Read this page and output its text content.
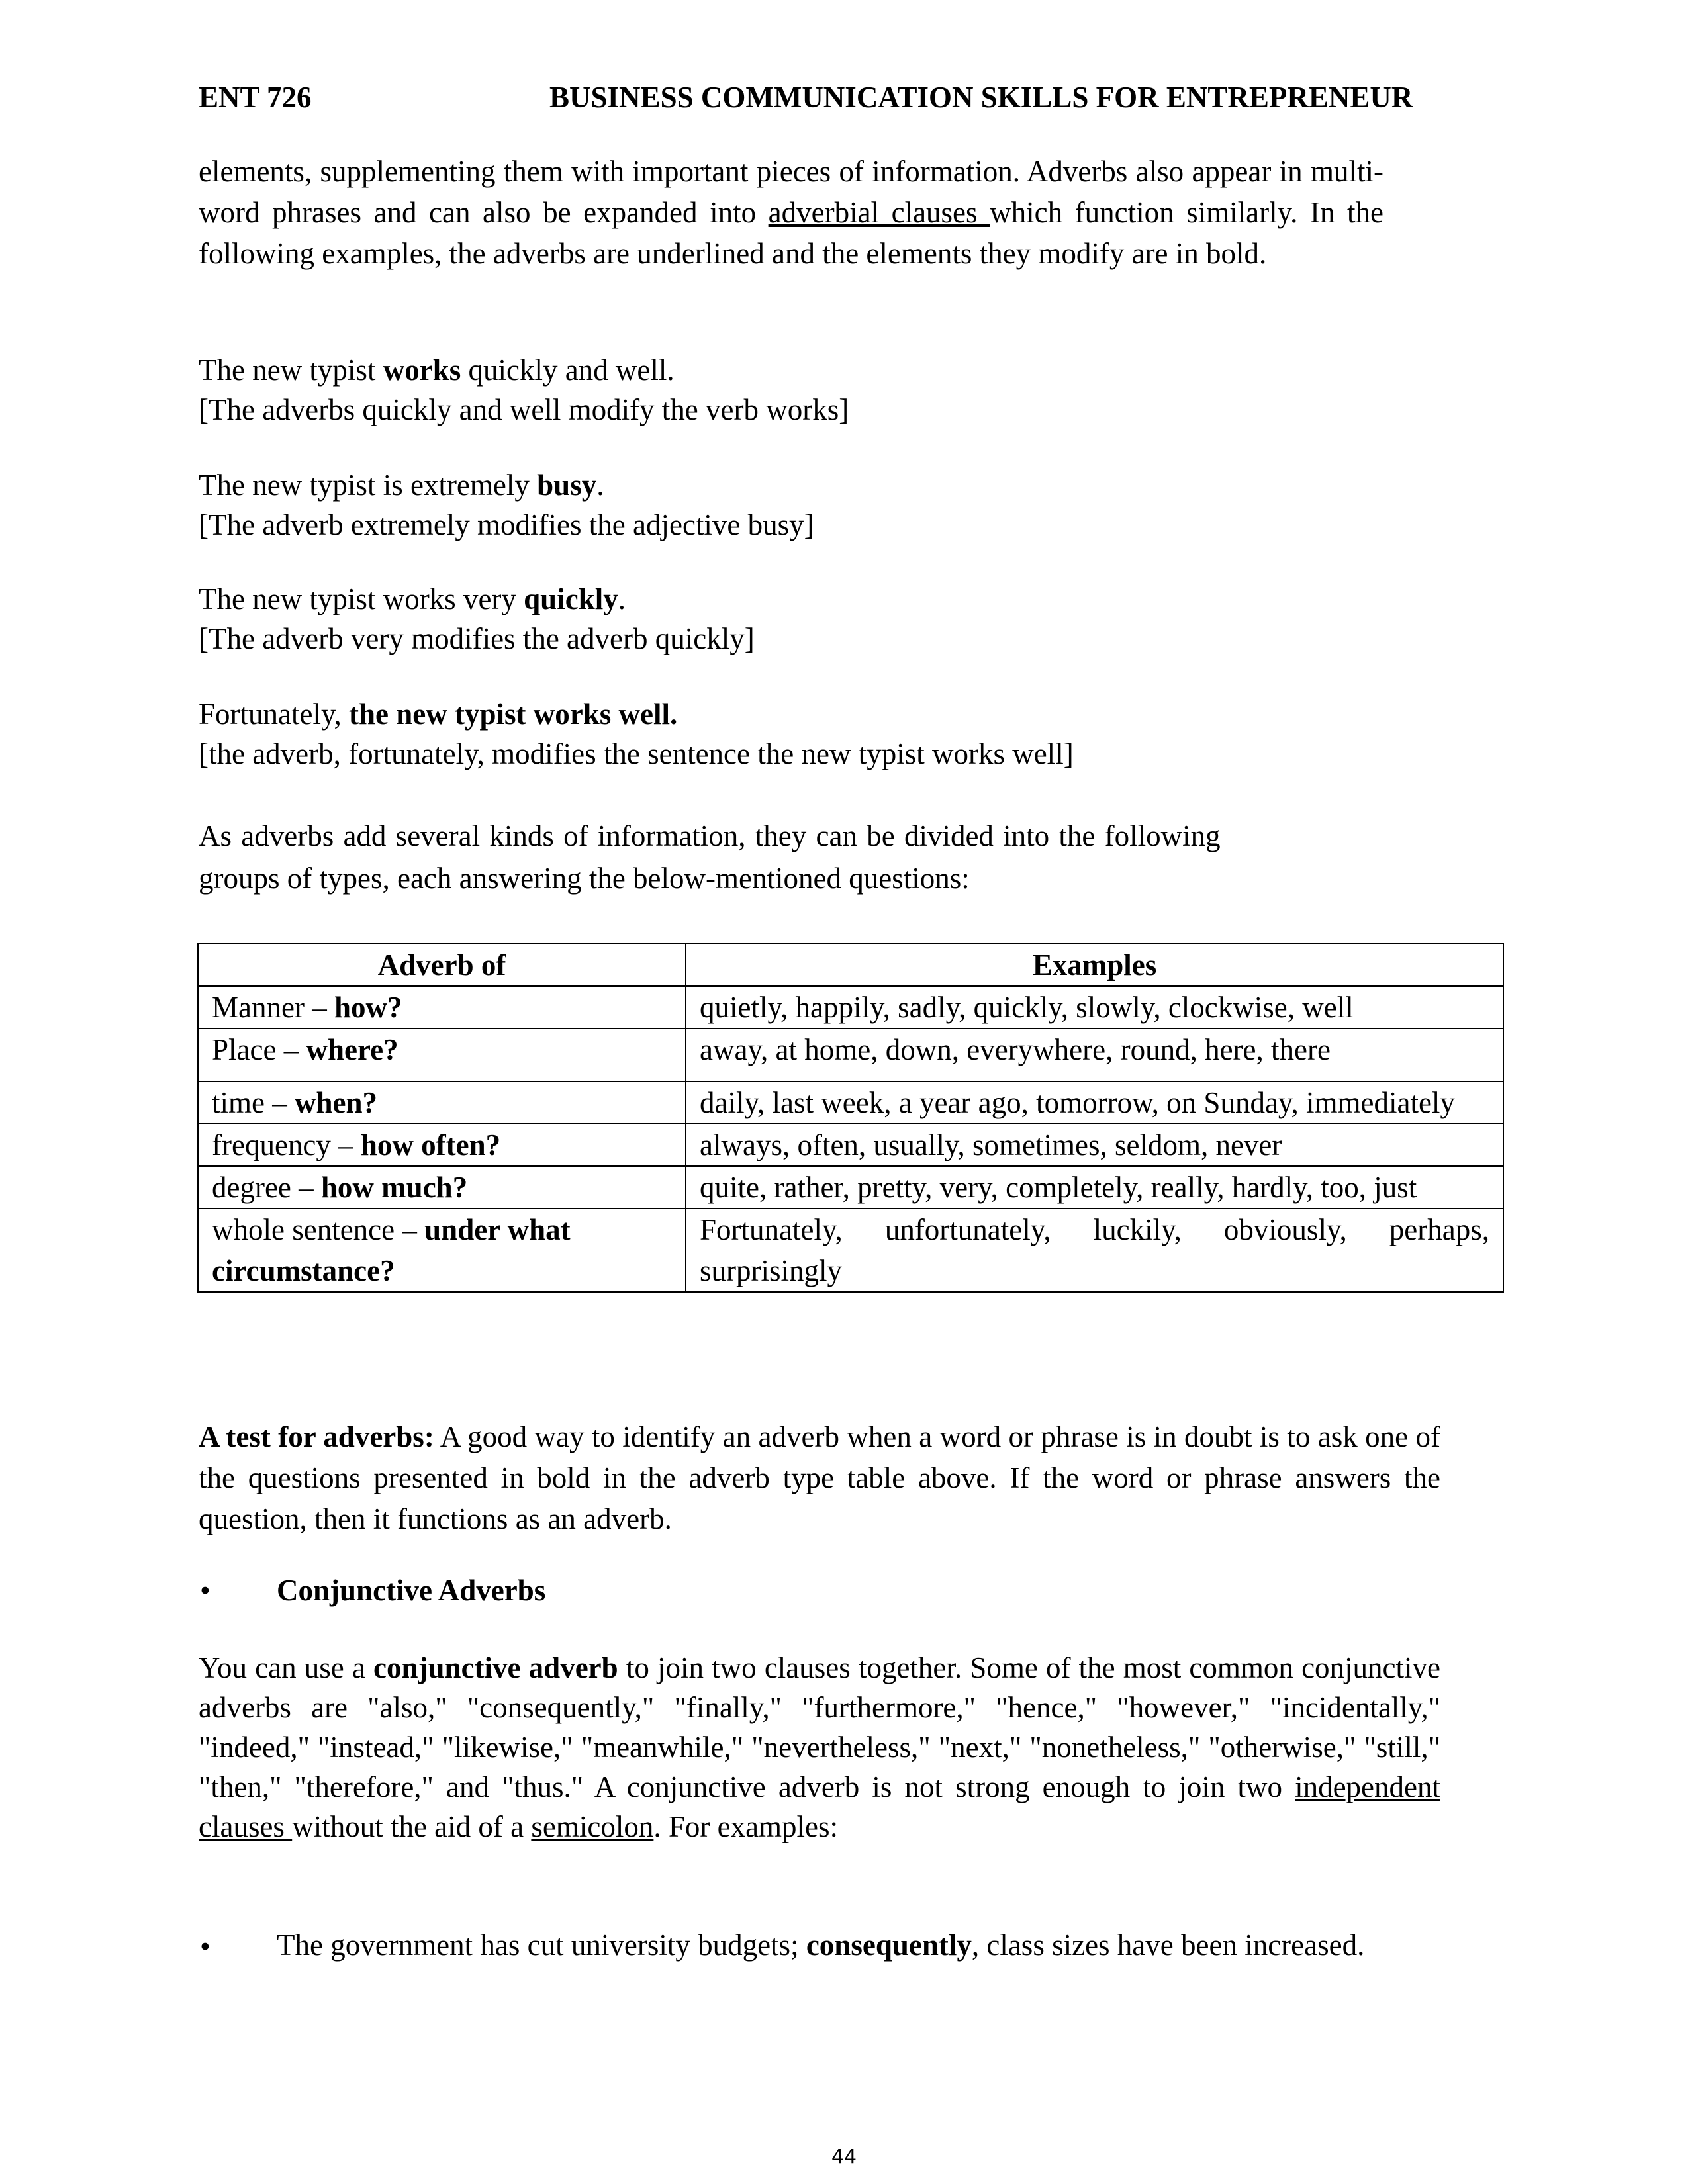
ENT 726	BUSINESS COMMUNICATION SKILLS FOR ENTREPRENEUR
elements, supplementing them with important pieces of information. Adverbs also appear in multi-word phrases and can also be expanded into adverbial clauses which function similarly. In the following examples, the adverbs are underlined and the elements they modify are in bold.
The new typist works quickly and well.
[The adverbs quickly and well modify the verb works]
The new typist is extremely busy.
[The adverb extremely modifies the adjective busy]
The new typist works very quickly.
[The adverb very modifies the adverb quickly]
Fortunately, the new typist works well.
[the adverb, fortunately, modifies the sentence the new typist works well]
As adverbs add several kinds of information, they can be divided into the following
groups of types, each answering the below-mentioned questions:
Adverb of	Examples
Manner – how?	quietly, happily, sadly, quickly, slowly, clockwise, well
Place – where?	away, at home, down, everywhere, round, here, there
time – when?	daily, last week, a year ago, tomorrow, on Sunday, immediately
frequency – how often?	always, often, usually, sometimes, seldom, never
degree – how much?	quite, rather, pretty, very, completely, really, hardly, too, just
whole sentence – under what circumstance?	Fortunately, unfortunately, luckily, obviously, perhaps, surprisingly
A test for adverbs: A good way to identify an adverb when a word or phrase is in doubt is to ask one of the questions presented in bold in the adverb type table above. If the word or phrase answers the question, then it functions as an adverb.
• Conjunctive Adverbs
You can use a conjunctive adverb to join two clauses together. Some of the most common conjunctive adverbs are "also," "consequently," "finally," "furthermore," "hence," "however," "incidentally," "indeed," "instead," "likewise," "meanwhile," "nevertheless," "next," "nonetheless," "otherwise," "still," "then," "therefore," and "thus." A conjunctive adverb is not strong enough to join two independent clauses without the aid of a semicolon. For examples:
• The government has cut university budgets; consequently, class sizes have been increased.
44
